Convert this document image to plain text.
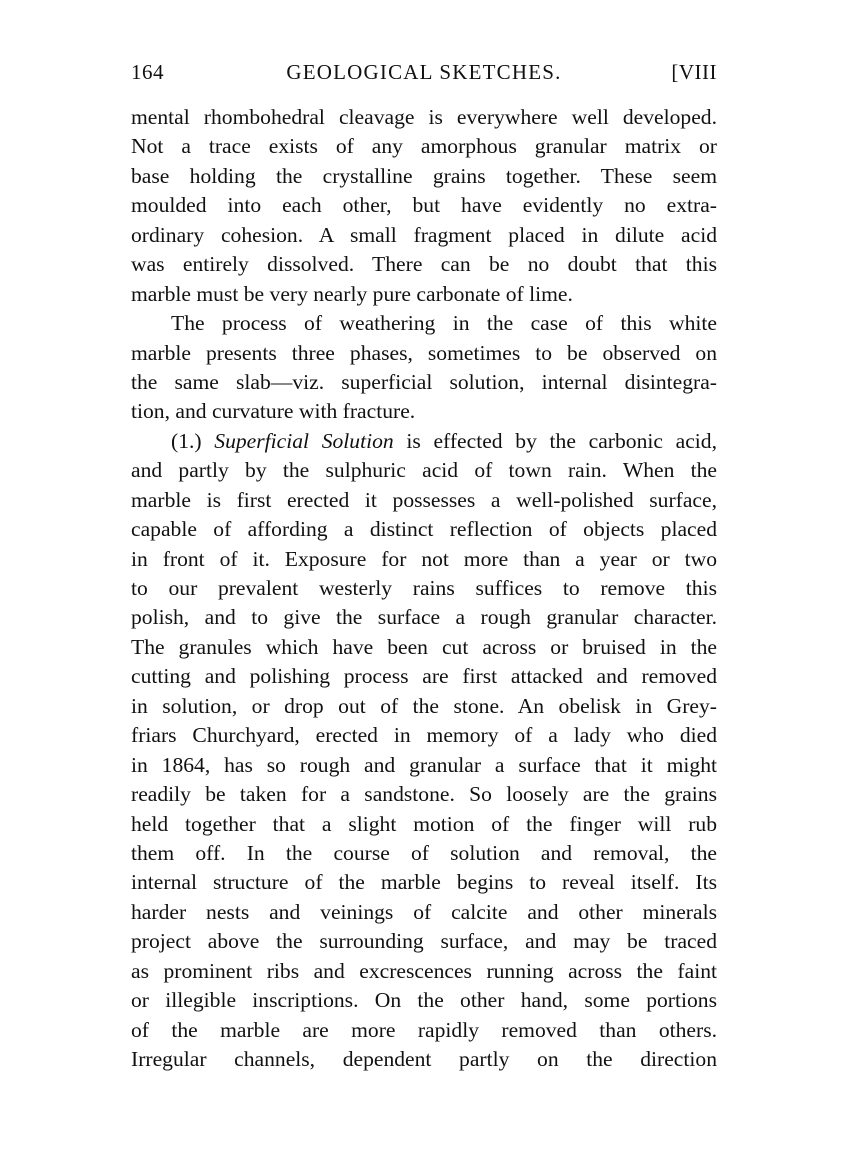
164	GEOLOGICAL SKETCHES.	[VIII
mental rhombohedral cleavage is everywhere well developed.
Not a trace exists of any amorphous granular matrix or
base holding the crystalline grains together. These seem
moulded into each other, but have evidently no extra-
ordinary cohesion. A small fragment placed in dilute acid
was entirely dissolved. There can be no doubt that this
marble must be very nearly pure carbonate of lime.
The process of weathering in the case of this white
marble presents three phases, sometimes to be observed on
the same slab—viz. superficial solution, internal disintegra-
tion, and curvature with fracture.
(1.) Superficial Solution is effected by the carbonic acid,
and partly by the sulphuric acid of town rain. When the
marble is first erected it possesses a well-polished surface,
capable of affording a distinct reflection of objects placed
in front of it. Exposure for not more than a year or two
to our prevalent westerly rains suffices to remove this
polish, and to give the surface a rough granular character.
The granules which have been cut across or bruised in the
cutting and polishing process are first attacked and removed
in solution, or drop out of the stone. An obelisk in Grey-
friars Churchyard, erected in memory of a lady who died
in 1864, has so rough and granular a surface that it might
readily be taken for a sandstone. So loosely are the grains
held together that a slight motion of the finger will rub
them off. In the course of solution and removal, the
internal structure of the marble begins to reveal itself. Its
harder nests and veinings of calcite and other minerals
project above the surrounding surface, and may be traced
as prominent ribs and excrescences running across the faint
or illegible inscriptions. On the other hand, some portions
of the marble are more rapidly removed than others.
Irregular channels, dependent partly on the direction
